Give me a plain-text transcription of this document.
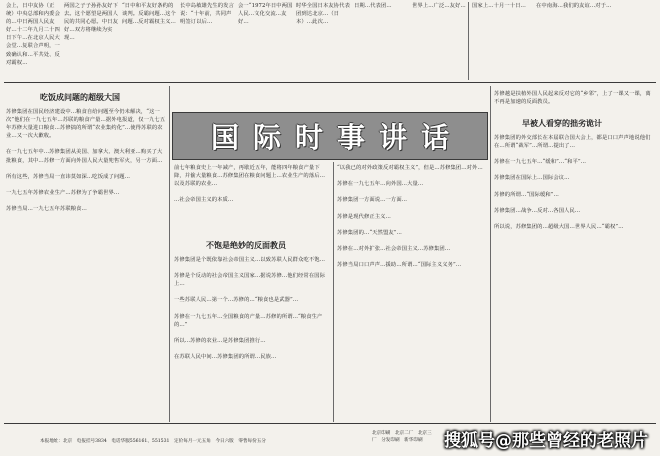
会上，日中友协（正统）中央总部和内委会的...中日两国人民友好...十二年九月二十四日下午...在北京人民大会堂...复联合声明，一致确认和...平共处、反对霸权...
两国之子子孙孙友好下去。这个愿望是两国人民的共同心愿。中日友好...双方将继续为实现...
“日中和平友好条约的谈判。反霸问题...这个问题...反对霸权主义...
长中岛敏雄先生的发言说：“十年前，共同声明签订以后...
会一“1972年日中两国人民...文化交流...友好...
时华全国日本友协代表团到达北京...（日本）...此次...
日期...代表团...	世界上...广泛...友好... 国家上...十月一十日...	在中南海...我们的友谊...对于...
吃饭成问题的超级大国
苏修集团在国民经济建设中...粮食自给问题至今仍未解决，“这一次”他们在一九七五年...苏联的粮食产量...据外电报道，仅一九七五年苏修大量进口粮食...苏修搞的所谓“农业集约化”...使得苏联的农业...又一次大歉收。

在一九七五年中...苏修集团从美国、加拿大、澳大利亚...购买了大批粮食，其中...苏修一方面向外国人民大量兜售军火，另一方面...

所有这些，苏修当局一直讳莫如深...吃饭成了问题...

一九七五年苏修农业生产...苏修为了争霸世界...

苏修当局...一九七五年苏联粮食...
国际时事讲话
前七年粮食史上一年减产，再歇近五年，能将四年粮食产量下降，并偷大量粮食...苏修集团在粮食问题上...农业生产的落后...以及苏联的农业...

...社会帝国主义的本质...
不饱是绝妙的反面教员
苏修集团是个既依靠社会帝国主义...以致苏联人民群众吃不饱...

苏修是个反动的社会帝国主义国家...据说苏修...他们经常在国际上...

一些苏联人民...第一个...苏修的...“粮食也是武器”...

苏修在一九七五年...全国粮食的产量...苏修的所谓...“粮食生产的...”

所以...苏修的农业...是苏修集团推行...

在苏联人民中间...苏修集团的所谓...民族...
“以我已的对外政策反对霸权主义”，但是...苏修集团...对外...

苏修在一九七五年...向外国...大量...

苏修集团一方面说...一方面...

苏修是现代修正主义...

苏修集团的...“天然盟友”...

苏修在...对外扩张...社会帝国主义...苏修集团...

苏修当局口口声声...援助...所谓...“国际主义义务”...
苏修越是扶植外国人民起来反对它的“乡邻”，上了一课又一课，离不再是加速的反面教员。
早被人看穿的拙劣诡计
苏修集团的外交部长在本届联合国大会上，都是口口声声地说他们在...所谓“裁军”...所谓...提出了...

苏修在一九七五年...“缓和”...“和平”...

苏修集团在国际上...国际会议...

苏修的所谓...“国际缓和”...

苏修集团...战争...反对...各国人民...

所以说，苏修集团的...超级大国...世界人民...“霸权”...
本报地址：北京　电报挂号3834　电话华服556161、551531　定价每月一元五角　今日六版　零售每份五分
北京印刷　北京二厂　北京三厂　分发印刷　新华印刷	搜狐号@那些曾经的老照片
